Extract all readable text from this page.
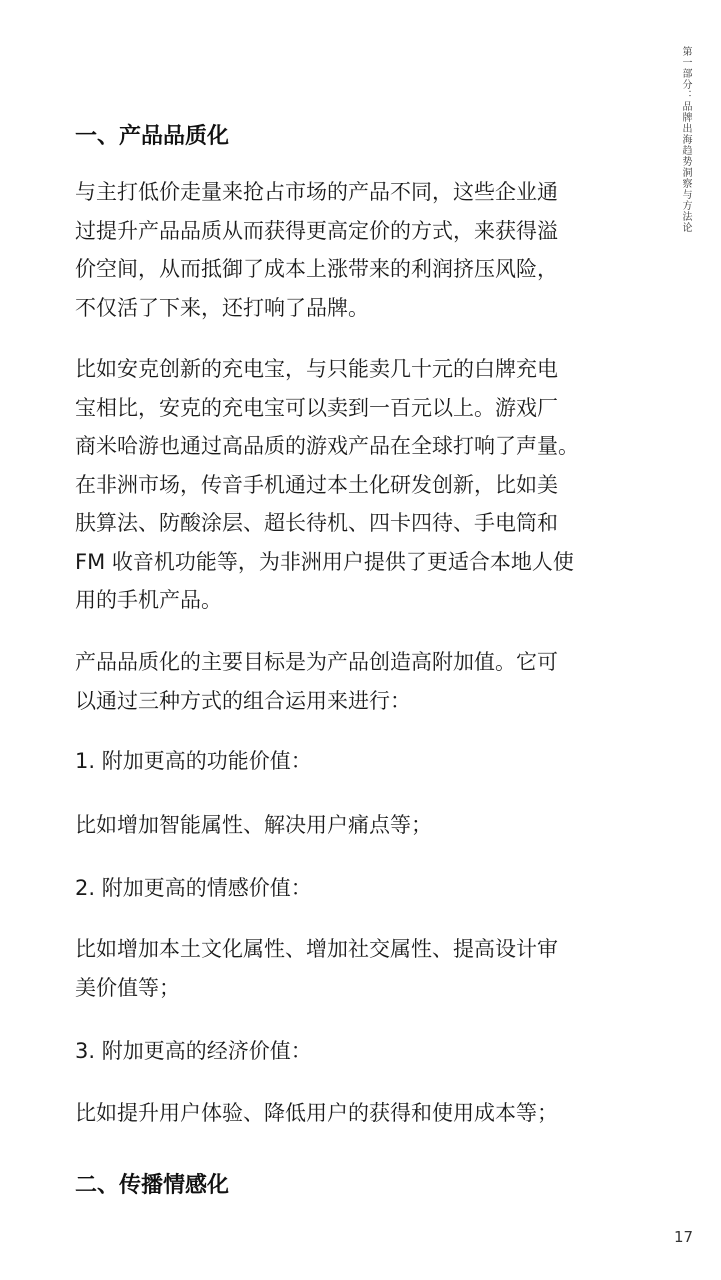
第一部分：品牌出海趋势洞察与方法论
一、产品品质化
与主打低价走量来抢占市场的产品不同，这些企业通
过提升产品品质从而获得更高定价的方式，来获得溢
价空间，从而抵御了成本上涨带来的利润挤压风险，
不仅活了下来，还打响了品牌。
比如安克创新的充电宝，与只能卖几十元的白牌充电
宝相比，安克的充电宝可以卖到一百元以上。游戏厂
商米哈游也通过高品质的游戏产品在全球打响了声量。
在非洲市场，传音手机通过本土化研发创新，比如美
肤算法、防酸涂层、超长待机、四卡四待、手电筒和
FM 收音机功能等，为非洲用户提供了更适合本地人使
用的手机产品。
产品品质化的主要目标是为产品创造高附加值。它可
以通过三种方式的组合运用来进行：
1. 附加更高的功能价值：
比如增加智能属性、解决用户痛点等；
2. 附加更高的情感价值：
比如增加本土文化属性、增加社交属性、提高设计审
美价值等；
3. 附加更高的经济价值：
比如提升用户体验、降低用户的获得和使用成本等；
二、传播情感化
17
